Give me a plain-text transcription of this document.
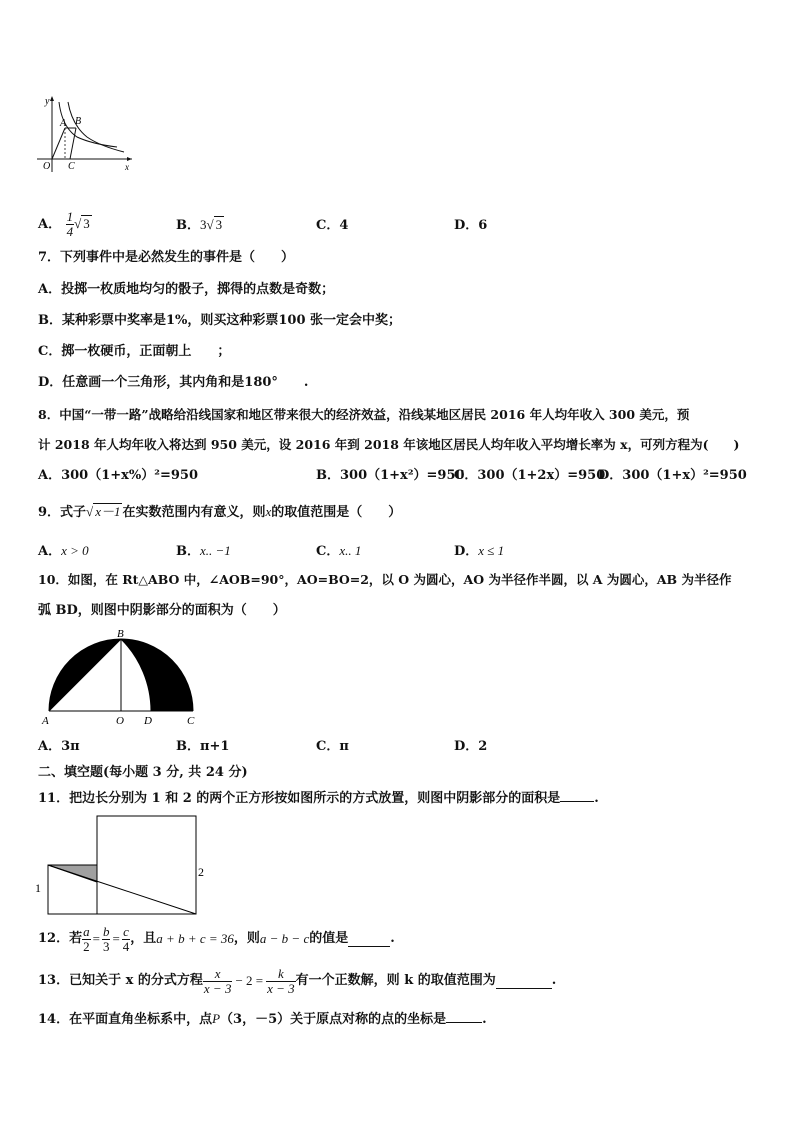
y
x
O
A B
C
A． $\frac{1}{4}$ √ 3	B．3√ 3	C．4	D．6
7．下列事件中是必然发生的事件是（　　）
A．投掷一枚质地均匀的骰子，掷得的点数是奇数；
B．某种彩票中奖率是1%，则买这种彩票100 张一定会中奖；
C．掷一枚硬币，正面朝上　　；
D．任意画一个三角形，其内角和是180°　　.
8．中国“一带一路”战略给沿线国家和地区带来很大的经济效益，沿线某地区居民 2016 年人均年收入 300 美元，预
计 2018 年人均年收入将达到 950 美元，设 2016 年到 2018 年该地区居民人均年收入平均增长率为 x，可列方程为(　　)
A．300（1+x%）²=950	B．300（1+x²）=950
C．300（1+2x）=950
D．300（1+x）²=950
9．式子√ x－1 在实数范围内有意义，则x的取值范围是（　　）
A．x > 0	B．x.. −1	C．x.. 1	D．x ≤ 1
10．如图，在 Rt△ABO 中，∠AOB=90°，AO=BO=2，以 O 为圆心，AO 为半径作半圆，以 A 为圆心，AB 为半径作
弧 BD，则图中阴影部分的面积为（　　）
A
B
O D	C
A．3π	B．π+1	C．π	D．2
二、填空题(每小题 3 分, 共 24 分)
11．把边长分别为 1 和 2 的两个正方形按如图所示的方式放置，则图中阴影部分的面积是	.
1
2
12．若 $\frac{a}{2} = \frac{b}{3} = \frac{c}{4}$ ，且 a + b + c = 36 ，则 a − b − c 的值是	.
13．已知关于 x 的分式方程 $\frac{x}{x - 3} - 2 = \frac{k}{x - 3}$ 有一个正数解，则 k 的取值范围为	.
14．在平面直角坐标系中，点P（3，－5）关于原点对称的点的坐标是	.
